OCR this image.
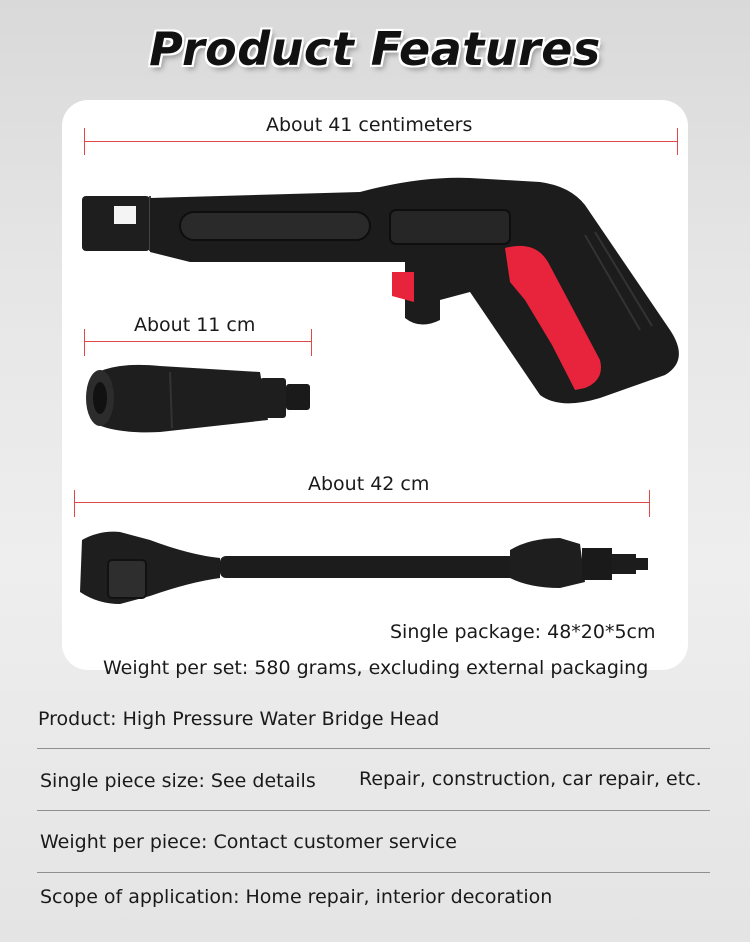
Product Features
About 41 centimeters
About 11 cm
About 42 cm
Single package: 48*20*5cm
Weight per set: 580 grams, excluding external packaging
Product: High Pressure Water Bridge Head
Single piece size: See details Repair, construction, car repair, etc.
Weight per piece: Contact customer service
Scope of application: Home repair, interior decoration
